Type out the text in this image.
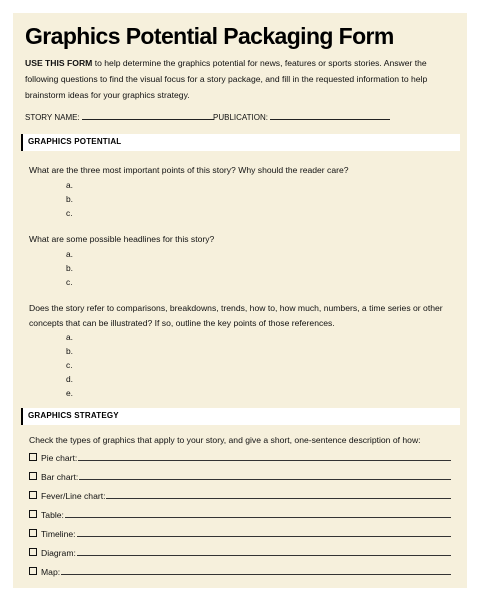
Graphics Potential Packaging Form
USE THIS FORM to help determine the graphics potential for news, features or sports stories. Answer the following questions to find the visual focus for a story package, and fill in the requested information to help brainstorm ideas for your graphics strategy.
STORY NAME:	PUBLICATION:
GRAPHICS POTENTIAL
What are the three most important points of this story? Why should the reader care?
a.
b.
c.
What are some possible headlines for this story?
a.
b.
c.
Does the story refer to comparisons, breakdowns, trends, how to, how much, numbers, a time series or other concepts that can be illustrated? If so, outline the key points of those references.
a.
b.
c.
d.
e.
GRAPHICS STRATEGY
Check the types of graphics that apply to your story, and give a short, one-sentence description of how:
Pie chart:
Bar chart:
Fever/Line chart:
Table:
Timeline:
Diagram:
Map:
